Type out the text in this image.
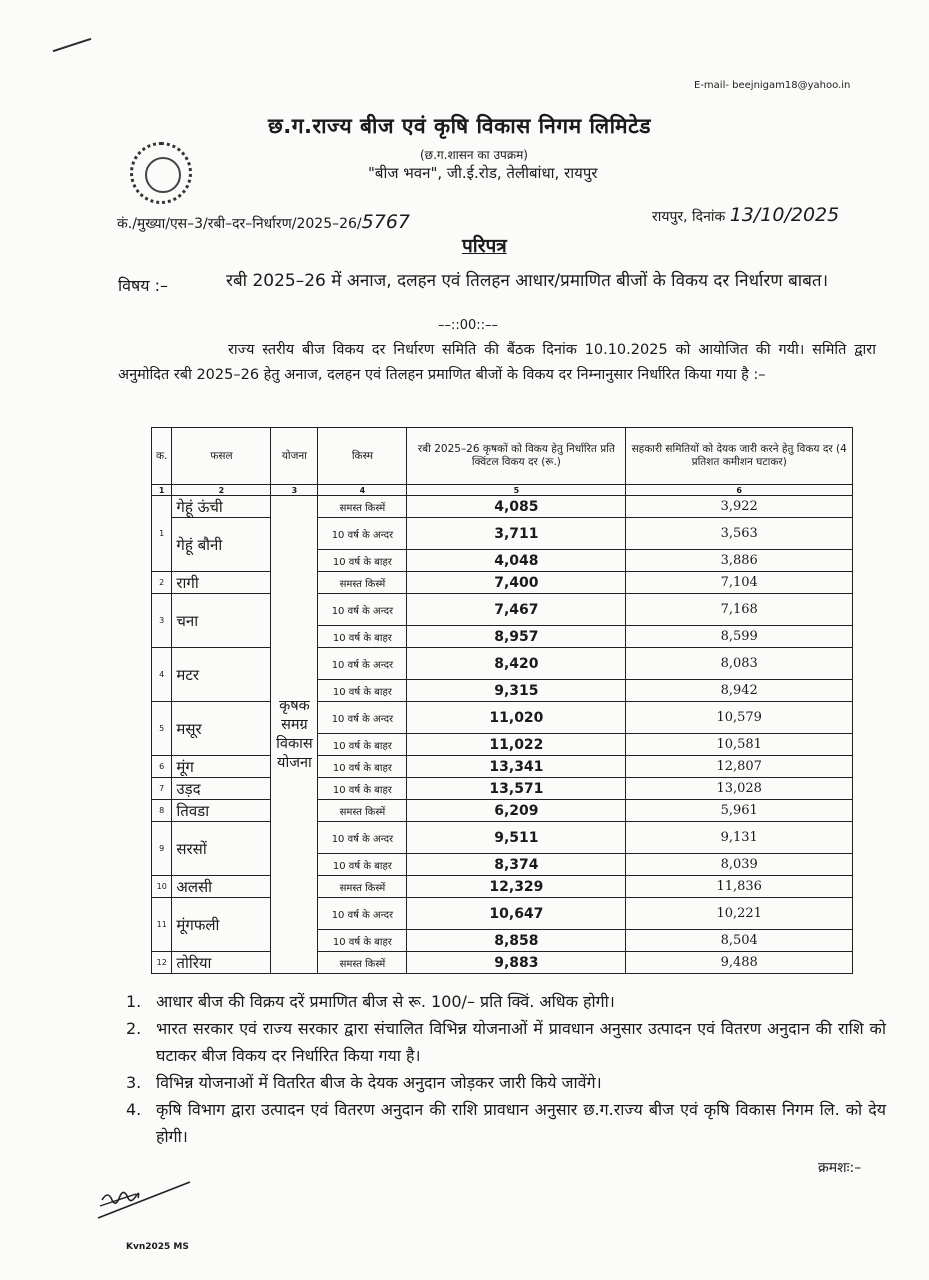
E-mail- beejnigam18@yahoo.in
छ.ग.राज्य बीज एवं कृषि विकास निगम लिमिटेड
(छ.ग.शासन का उपक्रम)
"बीज भवन", जी.ई.रोड, तेलीबांधा, रायपुर
कं./मुख्या/एस–3/रबी–दर–निर्धारण/2025–26/5767	रायपुर, दिनांक 13/10/2025
परिपत्र
विषय :–	रबी 2025–26 में अनाज, दलहन एवं तिलहन आधार/प्रमाणित बीजों के विकय दर निर्धारण बाबत।
––::00::––
राज्य स्तरीय बीज विकय दर निर्धारण समिति की बैंठक दिनांक 10.10.2025 को आयोजित की गयी। समिति द्वारा अनुमोदित रबी 2025–26 हेतु अनाज, दलहन एवं तिलहन प्रमाणित बीजों के विकय दर निम्नानुसार निर्धारित किया गया है :–
क.	फसल	योजना	किस्म	रबी 2025–26 कृषकों को विकय हेतु निर्धारित प्रति क्विंटल विकय दर (रू.)	सहकारी समितियों को देयक जारी करने हेतु विकय दर (4 प्रतिशत कमीशन घटाकर)
1	2	3	4	5	6
1	गेहूं ऊंची	कृषक समग्र विकास योजना	समस्त किस्में	4,085	3,922
	गेहूं बौनी		10 वर्ष के अन्दर	3,711	3,563
			10 वर्ष के बाहर	4,048	3,886
2	रागी		समस्त किस्में	7,400	7,104
3	चना		10 वर्ष के अन्दर	7,467	7,168
			10 वर्ष के बाहर	8,957	8,599
4	मटर		10 वर्ष के अन्दर	8,420	8,083
			10 वर्ष के बाहर	9,315	8,942
5	मसूर		10 वर्ष के अन्दर	11,020	10,579
			10 वर्ष के बाहर	11,022	10,581
6	मूंग		10 वर्ष के बाहर	13,341	12,807
7	उड़द		10 वर्ष के बाहर	13,571	13,028
8	तिवडा		समस्त किस्में	6,209	5,961
9	सरसों		10 वर्ष के अन्दर	9,511	9,131
			10 वर्ष के बाहर	8,374	8,039
10	अलसी		समस्त किस्में	12,329	11,836
11	मूंगफली		10 वर्ष के अन्दर	10,647	10,221
			10 वर्ष के बाहर	8,858	8,504
12	तोरिया		समस्त किस्में	9,883	9,488
1. आधार बीज की विक्रय दरें प्रमाणित बीज से रू. 100/– प्रति क्विं. अधिक होगी।
2. भारत सरकार एवं राज्य सरकार द्वारा संचालित विभिन्न योजनाओं में प्रावधान अनुसार उत्पादन एवं वितरण अनुदान की राशि को घटाकर बीज विकय दर निर्धारित किया गया है।
3. विभिन्न योजनाओं में वितरित बीज के देयक अनुदान जोड़कर जारी किये जावेंगे।
4. कृषि विभाग द्वारा उत्पादन एवं वितरण अनुदान की राशि प्रावधान अनुसार छ.ग.राज्य बीज एवं कृषि विकास निगम लि. को देय होगी।
क्रमशः:–
Kvn2025 MS
